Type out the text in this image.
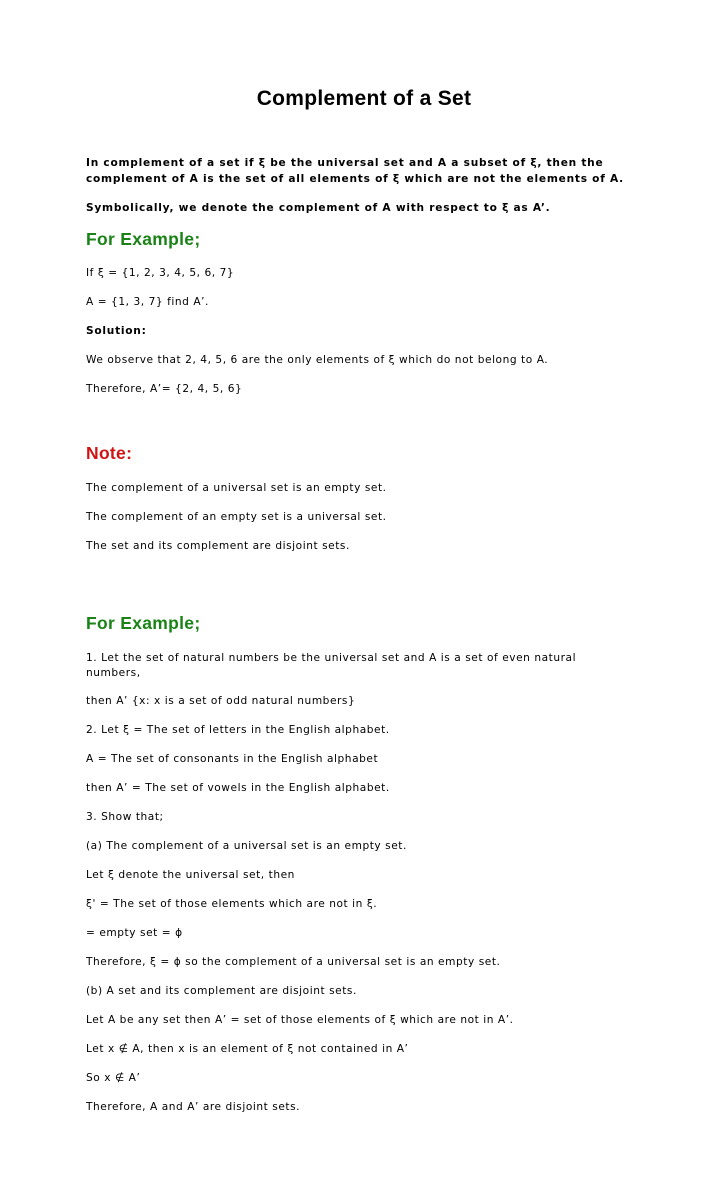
Complement of a Set
In complement of a set if ξ be the universal set and A a subset of ξ, then the
complement of A is the set of all elements of ξ which are not the elements of A.
Symbolically, we denote the complement of A with respect to ξ as A’.
For Example;
If ξ = {1, 2, 3, 4, 5, 6, 7}
A = {1, 3, 7} find A’.
Solution:
We observe that 2, 4, 5, 6 are the only elements of ξ which do not belong to A.
Therefore, A’= {2, 4, 5, 6}
Note:
The complement of a universal set is an empty set.
The complement of an empty set is a universal set.
The set and its complement are disjoint sets.
For Example;
1. Let the set of natural numbers be the universal set and A is a set of even natural
numbers,
then A’ {x: x is a set of odd natural numbers}
2. Let ξ = The set of letters in the English alphabet.
A = The set of consonants in the English alphabet
then A’ = The set of vowels in the English alphabet.
3. Show that;
(a) The complement of a universal set is an empty set.
Let ξ denote the universal set, then
ξ' = The set of those elements which are not in ξ.
= empty set = ϕ
Therefore, ξ = ϕ so the complement of a universal set is an empty set.
(b) A set and its complement are disjoint sets.
Let A be any set then A’ = set of those elements of ξ which are not in A’.
Let x ∉ A, then x is an element of ξ not contained in A’
So x ∉ A’
Therefore, A and A’ are disjoint sets.
